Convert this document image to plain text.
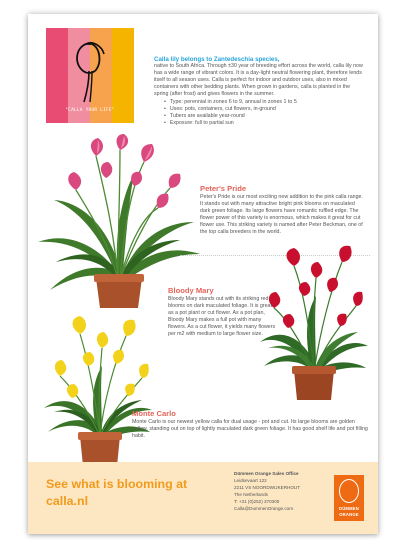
"CALLA YOUR LIFE"
Calla lily belongs to Zantedeschia species,

native to South Africa. Through ±30 year of breeding effort across the world, calla lily now has a wide range of vibrant colors. It is a day-light neutral flowering plant, therefore lends itself to all season uses. Calla is perfect for indoor and outdoor uses, also in mixed containers with other bedding plants. When grown in gardens, calla is planted in the spring (after frost) and gives flowers in the summer.

• Type: perennial in zones 6 to 9, annual in zones 1 to 5
• Uses: pots, containers, cut flowers, in-ground
• Tubers are available year-round
• Exposure: full to partial sun
Peter's Pride

Peter's Pride is our most exciting new addition to the pink calla range. It stands out with many attractive bright pink blooms on maculated dark green foliage. Its large flowers have romantic ruffled edge. The flower power of this variety is enormous, which makes it great for cut flower use. This striking variety is named after Peter Beckman, one of the top calla breeders in the world.

Bloody Mary

Bloody Mary stands out with its striking red blooms on dark maculated foliage. It is great as a pot plant or cut flower. As a pot plan, Bloody Mary makes a full pot with many flowers. As a cut flower, it yields many flowers per m2 with medium to large flower size.

Monte Carlo

Monte Carlo is our newest yellow calla for dual usage - pot and cut. Its large blooms are golden yellow, standing out on top of lightly maculated dark green foliage. It has good shelf life and pot filling habit.

See what is blooming at calla.nl
Dümmen Orange Sales Office
Leidsevaart 122
2211 VS NOORDWIJKERHOUT
The Netherlands
T: +31 (0)252) 370300
Calla@DummenOrange.com	DÜMMEN
ORANGE
